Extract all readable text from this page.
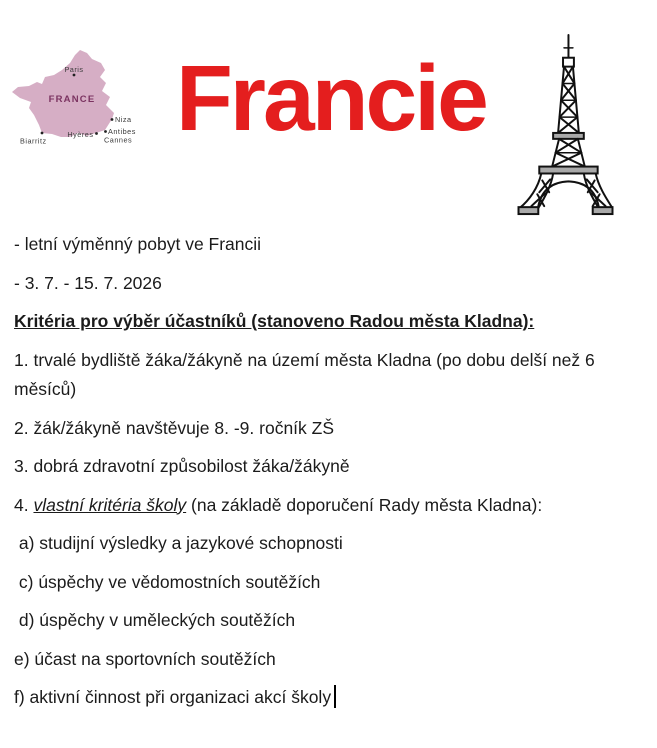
Paris
FRANCE
Niza
Antibes
Cannes
Hyères
Biarritz Francie
- letní výměnný pobyt ve Francii
- 3. 7. - 15. 7. 2026
Kritéria pro výběr účastníků (stanoveno Radou města Kladna):
1. trvalé bydliště žáka/žákyně na území města Kladna (po dobu delší než 6
měsíců)
2. žák/žákyně navštěvuje 8. -9. ročník ZŠ
3. dobrá zdravotní způsobilost žáka/žákyně
4. vlastní kritéria školy (na základě doporučení Rady města Kladna):
a) studijní výsledky a jazykové schopnosti
c) úspěchy ve vědomostních soutěžích
d) úspěchy v uměleckých soutěžích
e) účast na sportovních soutěžích
f) aktivní činnost při organizaci akcí školy
